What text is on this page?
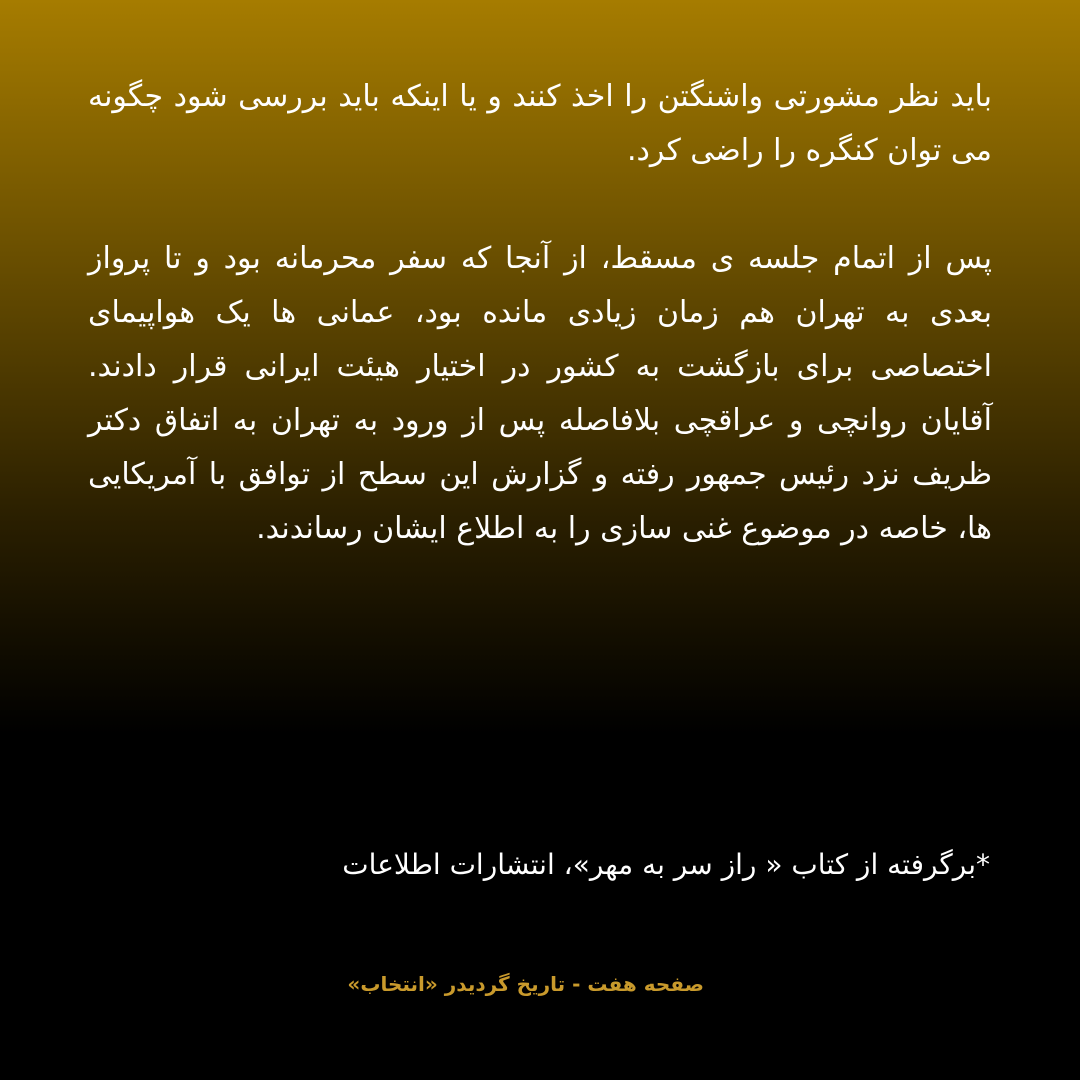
باید نظر مشورتی واشنگتن را اخذ کنند و یا اینکه باید بررسی شود چگونه می توان کنگره را راضی کرد.

پس از اتمام جلسه ی مسقط، از آنجا که سفر محرمانه بود و تا پرواز بعدی به تهران هم زمان زیادی مانده بود، عمانی ها یک هواپیمای اختصاصی برای بازگشت به کشور در اختیار هیئت ایرانی قرار دادند. آقایان روانچی و عراقچی بلافاصله پس از ورود به تهران به اتفاق دکتر ظریف نزد رئیس جمهور رفته و گزارش این سطح از توافق با آمریکایی ها، خاصه در موضوع غنی سازی را به اطلاع ایشان رساندند.

*برگرفته از کتاب « راز سر به مهر»، انتشارات اطلاعات

صفحه هفت - تاریخ گردیدر «انتخاب»
